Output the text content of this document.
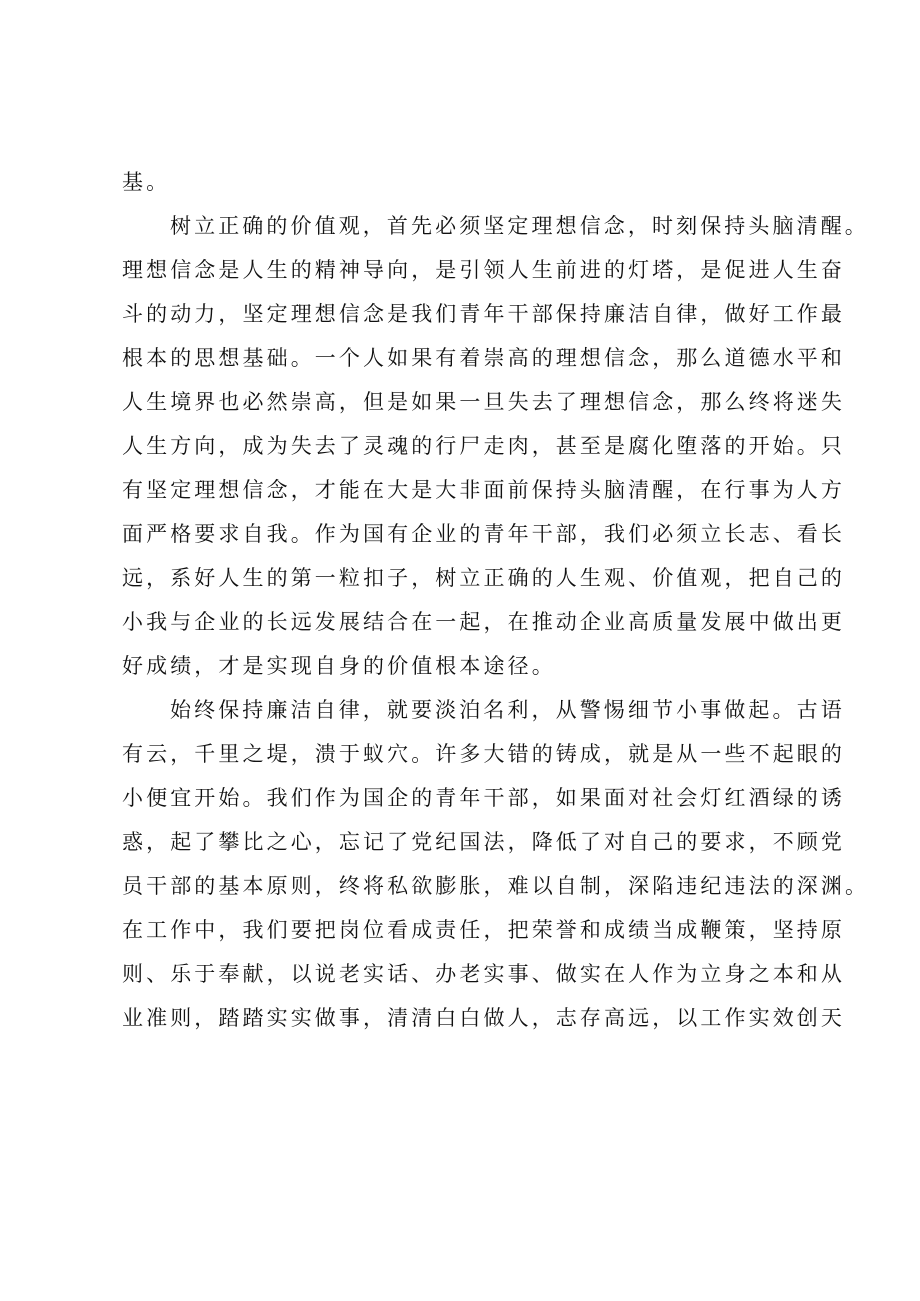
基。
树立正确的价值观，首先必须坚定理想信念，时刻保持头脑清醒。
理想信念是人生的精神导向，是引领人生前进的灯塔，是促进人生奋
斗的动力，坚定理想信念是我们青年干部保持廉洁自律，做好工作最
根本的思想基础。一个人如果有着崇高的理想信念，那么道德水平和
人生境界也必然崇高，但是如果一旦失去了理想信念，那么终将迷失
人生方向，成为失去了灵魂的行尸走肉，甚至是腐化堕落的开始。只
有坚定理想信念，才能在大是大非面前保持头脑清醒，在行事为人方
面严格要求自我。作为国有企业的青年干部，我们必须立长志、看长
远，系好人生的第一粒扣子，树立正确的人生观、价值观，把自己的
小我与企业的长远发展结合在一起，在推动企业高质量发展中做出更
好成绩，才是实现自身的价值根本途径。
始终保持廉洁自律，就要淡泊名利，从警惕细节小事做起。古语
有云，千里之堤，溃于蚁穴。许多大错的铸成，就是从一些不起眼的
小便宜开始。我们作为国企的青年干部，如果面对社会灯红酒绿的诱
惑，起了攀比之心，忘记了党纪国法，降低了对自己的要求，不顾党
员干部的基本原则，终将私欲膨胀，难以自制，深陷违纪违法的深渊。
在工作中，我们要把岗位看成责任，把荣誉和成绩当成鞭策，坚持原
则、乐于奉献，以说老实话、办老实事、做实在人作为立身之本和从
业准则，踏踏实实做事，清清白白做人，志存高远，以工作实效创天
